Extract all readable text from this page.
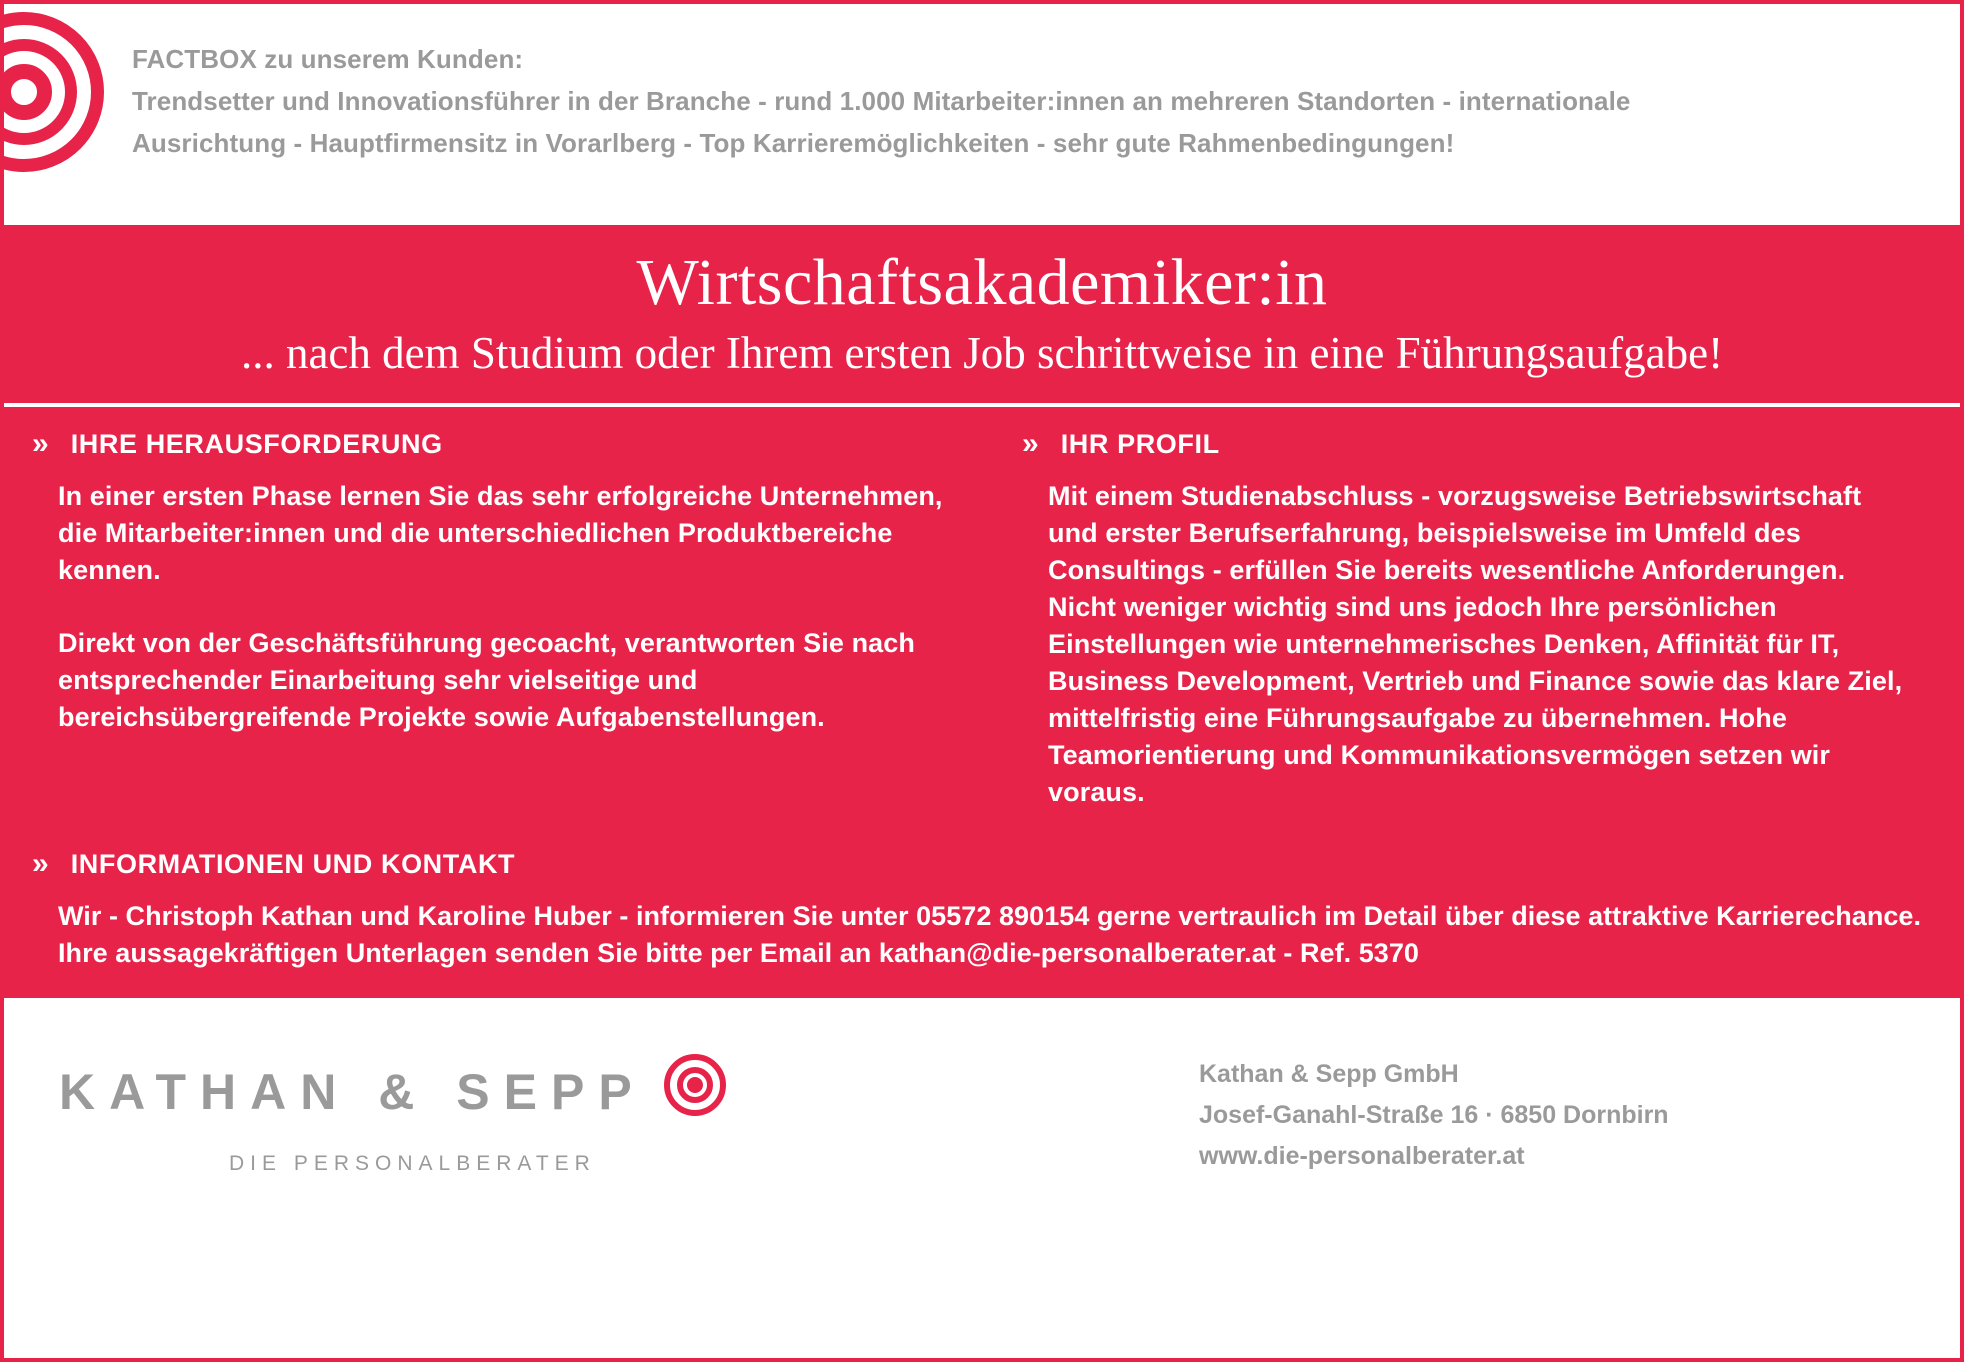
FACTBOX zu unserem Kunden:
Trendsetter und Innovationsführer in der Branche - rund 1.000 Mitarbeiter:innen an mehreren Standorten - internationale
Ausrichtung - Hauptfirmensitz in Vorarlberg - Top Karrieremöglichkeiten - sehr gute Rahmenbedingungen!
Wirtschaftsakademiker:in
... nach dem Studium oder Ihrem ersten Job schrittweise in eine Führungsaufgabe!
» IHRE HERAUSFORDERUNG
In einer ersten Phase lernen Sie das sehr erfolgreiche Unternehmen, die Mitarbeiter:innen und die unterschiedlichen Produktbereiche kennen.
Direkt von der Geschäftsführung gecoacht, verantworten Sie nach entsprechender Einarbeitung sehr vielseitige und bereichsübergreifende Projekte sowie Aufgabenstellungen.
» IHR PROFIL
Mit einem Studienabschluss - vorzugsweise Betriebswirtschaft und erster Berufserfahrung, beispielsweise im Umfeld des Consultings - erfüllen Sie bereits wesentliche Anforderungen. Nicht weniger wichtig sind uns jedoch Ihre persönlichen Einstellungen wie unternehmerisches Denken, Affinität für IT, Business Development, Vertrieb und Finance sowie das klare Ziel, mittelfristig eine Führungsaufgabe zu übernehmen. Hohe Teamorientierung und Kommunikationsvermögen setzen wir voraus.
» INFORMATIONEN UND KONTAKT
Wir - Christoph Kathan und Karoline Huber - informieren Sie unter 05572 890154 gerne vertraulich im Detail über diese attraktive Karrierechance. Ihre aussagekräftigen Unterlagen senden Sie bitte per Email an kathan@die-personalberater.at - Ref. 5370
KATHAN & SEPP
DIE PERSONALBERATER
Kathan & Sepp GmbH
Josef-Ganahl-Straße 16 · 6850 Dornbirn
www.die-personalberater.at
